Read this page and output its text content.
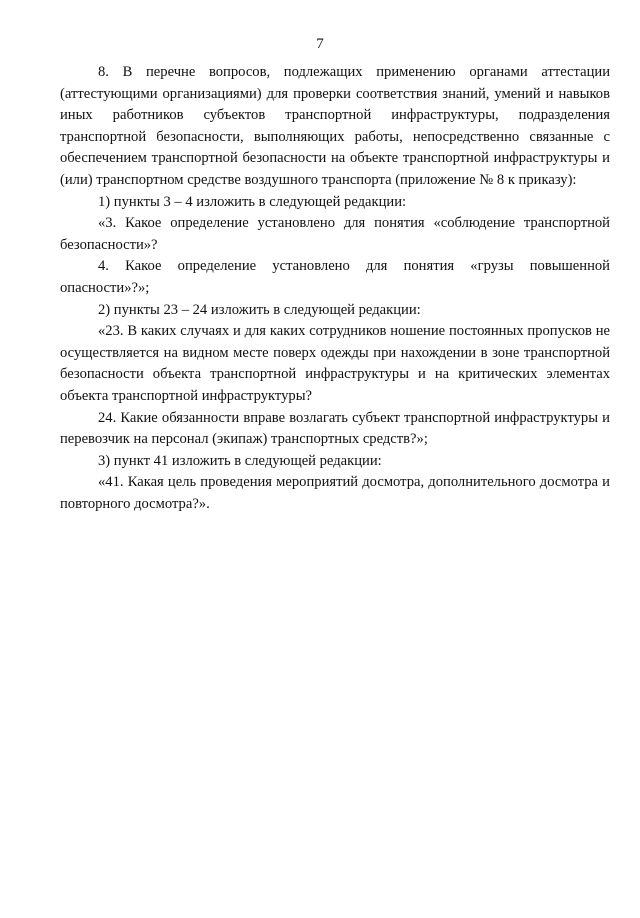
7

8. В перечне вопросов, подлежащих применению органами аттестации (аттестующими организациями) для проверки соответствия знаний, умений и навыков иных работников субъектов транспортной инфраструктуры, подразделения транспортной безопасности, выполняющих работы, непосредственно связанные с обеспечением транспортной безопасности на объекте транспортной инфраструктуры и (или) транспортном средстве воздушного транспорта (приложение № 8 к приказу):

1) пункты 3 – 4 изложить в следующей редакции:

«3. Какое определение установлено для понятия «соблюдение транспортной безопасности»?

4. Какое определение установлено для понятия «грузы повышенной опасности»?»;

2) пункты 23 – 24 изложить в следующей редакции:

«23. В каких случаях и для каких сотрудников ношение постоянных пропусков не осуществляется на видном месте поверх одежды при нахождении в зоне транспортной безопасности объекта транспортной инфраструктуры и на критических элементах объекта транспортной инфраструктуры?

24. Какие обязанности вправе возлагать субъект транспортной инфраструктуры и перевозчик на персонал (экипаж) транспортных средств?»;

3) пункт 41 изложить в следующей редакции:

«41. Какая цель проведения мероприятий досмотра, дополнительного досмотра и повторного досмотра?».
